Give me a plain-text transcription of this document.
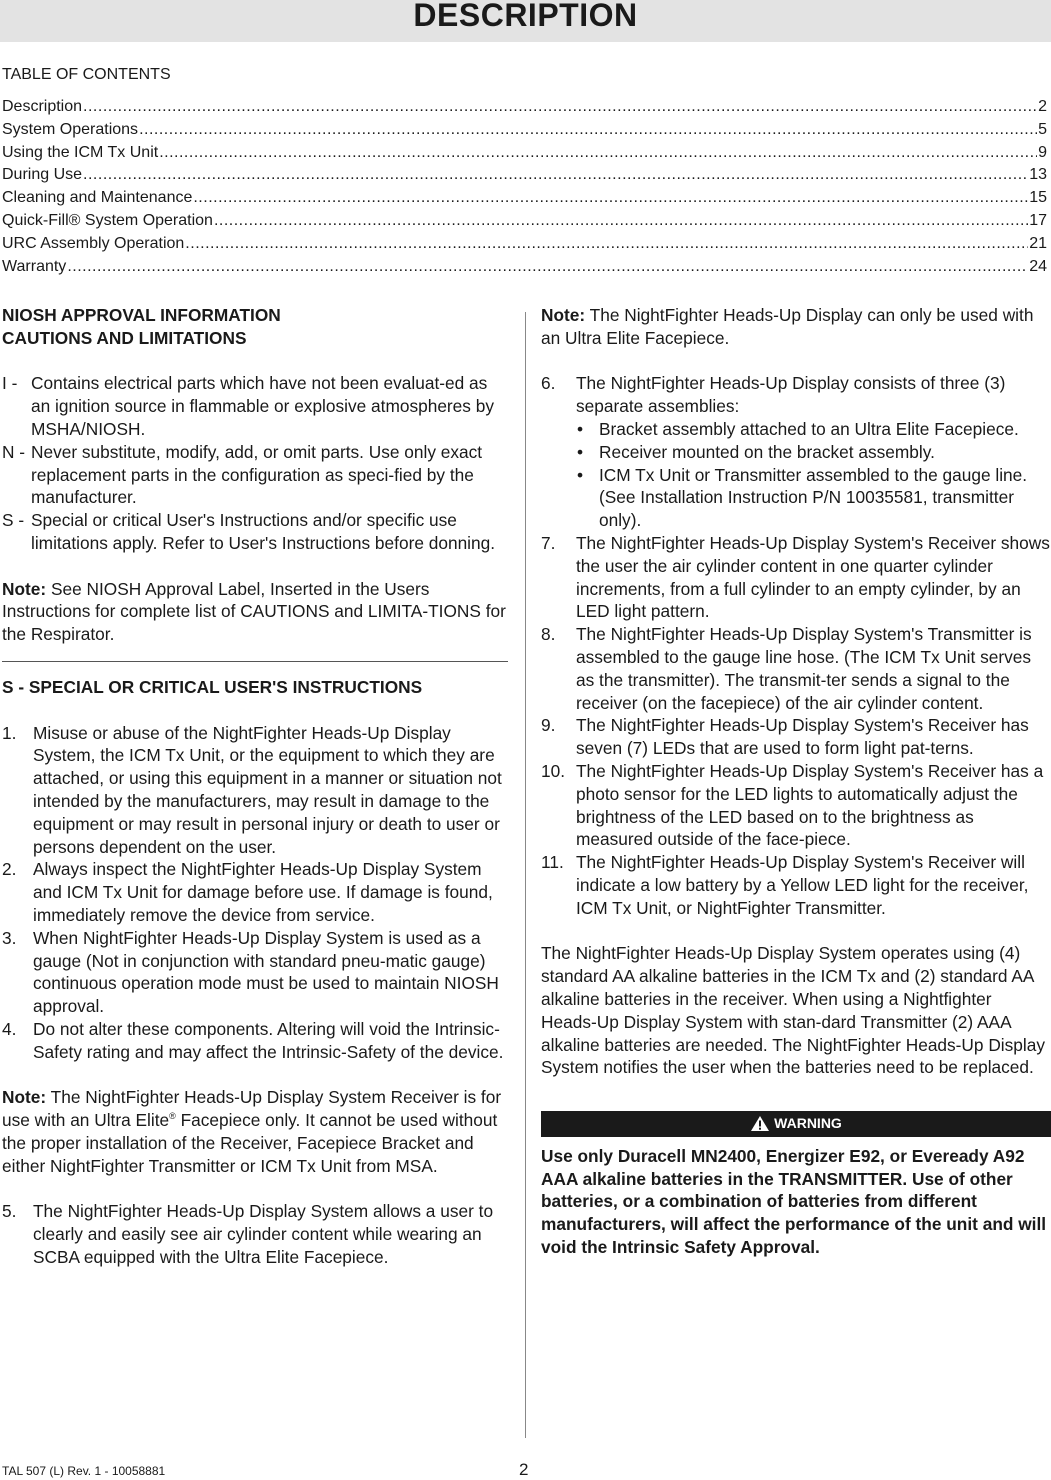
DESCRIPTION
TABLE OF CONTENTS
Description .....	2
System Operations .....	5
Using the ICM Tx Unit .....	9
During Use .....	13
Cleaning and Maintenance .....	15
Quick-Fill® System Operation .....	17
URC Assembly Operation .....	21
Warranty .....	24
NIOSH APPROVAL INFORMATION
CAUTIONS AND LIMITATIONS
I - Contains electrical parts which have not been evaluat-ed as an ignition source in flammable or explosive atmospheres by MSHA/NIOSH.
N - Never substitute, modify, add, or omit parts. Use only exact replacement parts in the configuration as speci-fied by the manufacturer.
S - Special or critical User's Instructions and/or specific use limitations apply. Refer to User's Instructions before donning.

Note: See NIOSH Approval Label, Inserted in the Users Instructions for complete list of CAUTIONS and LIMITA-TIONS for the Respirator.

S - SPECIAL OR CRITICAL USER'S INSTRUCTIONS
1. Misuse or abuse of the NightFighter Heads-Up Display System, the ICM Tx Unit, or the equipment to which they are attached, or using this equipment in a manner or situation not intended by the manufacturers, may result in damage to the equipment or may result in personal injury or death to user or persons dependent on the user.
2. Always inspect the NightFighter Heads-Up Display System and ICM Tx Unit for damage before use. If damage is found, immediately remove the device from service.
3. When NightFighter Heads-Up Display System is used as a gauge (Not in conjunction with standard pneu-matic gauge) continuous operation mode must be used to maintain NIOSH approval.
4. Do not alter these components. Altering will void the Intrinsic-Safety rating and may affect the Intrinsic-Safety of the device.

Note: The NightFighter Heads-Up Display System Receiver is for use with an Ultra Elite® Facepiece only. It cannot be used without the proper installation of the Receiver, Facepiece Bracket and either NightFighter Transmitter or ICM Tx Unit from MSA.

5. The NightFighter Heads-Up Display System allows a user to clearly and easily see air cylinder content while wearing an SCBA equipped with the Ultra Elite Facepiece.

Note: The NightFighter Heads-Up Display can only be used with an Ultra Elite Facepiece.

6.	The NightFighter Heads-Up Display consists of three (3) separate assemblies:
• Bracket assembly attached to an Ultra Elite Facepiece.
• Receiver mounted on the bracket assembly.
• ICM Tx Unit or Transmitter assembled to the gauge line. (See Installation Instruction P/N 10035581, transmitter only).
7.	The NightFighter Heads-Up Display System's Receiver shows the user the air cylinder content in one quarter cylinder increments, from a full cylinder to an empty cylinder, by an LED light pattern.
8.	The NightFighter Heads-Up Display System's Transmitter is assembled to the gauge line hose. (The ICM Tx Unit serves as the transmitter). The transmit-ter sends a signal to the receiver (on the facepiece) of the air cylinder content.
9.	The NightFighter Heads-Up Display System's Receiver has seven (7) LEDs that are used to form light pat-terns.
10. The NightFighter Heads-Up Display System's Receiver has a photo sensor for the LED lights to automatically adjust the brightness of the LED based on to the brightness as measured outside of the face-piece.
11. The NightFighter Heads-Up Display System's Receiver will indicate a low battery by a Yellow LED light for the receiver, ICM Tx Unit, or NightFighter Transmitter.

The NightFighter Heads-Up Display System operates using (4) standard AA alkaline batteries in the ICM Tx and (2) standard AA alkaline batteries in the receiver. When using a Nightfighter Heads-Up Display System with stan-dard Transmitter (2) AAA alkaline batteries are needed. The NightFighter Heads-Up Display System notifies the user when the batteries need to be replaced.

WARNING

Use only Duracell MN2400, Energizer E92, or Eveready A92 AAA alkaline batteries in the TRANSMITTER. Use of other batteries, or a combination of batteries from different manufacturers, will affect the performance of the unit and will void the Intrinsic Safety Approval.

TAL 507 (L) Rev. 1 - 10058881	2
